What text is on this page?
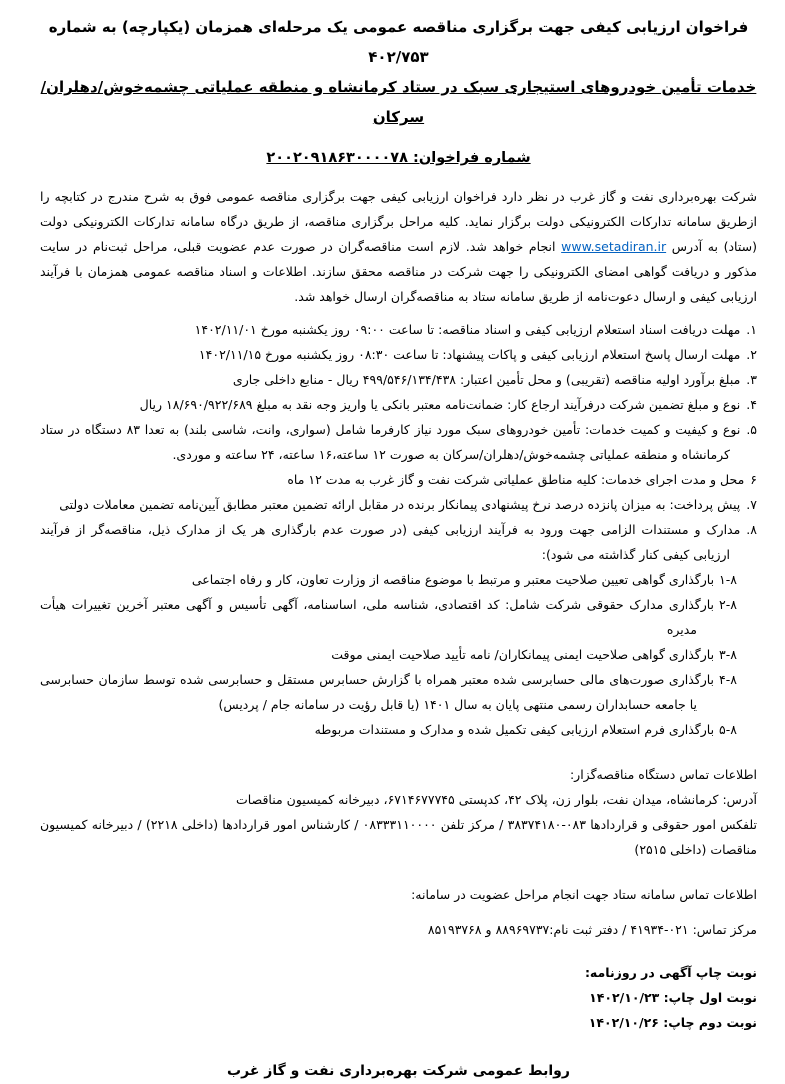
فراخوان ارزیابی کیفی جهت برگزاری مناقصه عمومی یک مرحله‌ای همزمان (یکپارچه) به شماره ۴۰۲/۷۵۳
خدمات تأمین خودروهای استیجاری سبک در ستاد کرمانشاه و منطقه عملیاتی چشمه‌خوش/دهلران/سرکان
شماره فراخوان: ۲۰۰۲۰۹۱۸۶۳۰۰۰۰۷۸
شرکت بهره‌برداری نفت و گاز غرب در نظر دارد فراخوان ارزیابی کیفی جهت برگزاری مناقصه عمومی فوق به شرح مندرج در کتابچه را ازطریق سامانه تدارکات الکترونیکی دولت برگزار نماید. کلیه مراحل برگزاری مناقصه، از طریق درگاه سامانه تدارکات الکترونیکی دولت (ستاد) به آدرس www.setadiran.ir انجام خواهد شد. لازم است مناقصه‌گران در صورت عدم عضویت قبلی، مراحل ثبت‌نام در سایت مذکور و دریافت گواهی امضای الکترونیکی را جهت شرکت در مناقصه محقق سازند. اطلاعات و اسناد مناقصه عمومی همزمان با فرآیند ارزیابی کیفی و ارسال دعوت‌نامه از طریق سامانه ستاد به مناقصه‌گران ارسال خواهد شد.
۱.مهلت دریافت اسناد استعلام ارزیابی کیفی و اسناد مناقصه: تا ساعت ۰۹:۰۰ روز یکشنبه مورخ ۱۴۰۲/۱۱/۰۱
۲.مهلت ارسال پاسخ استعلام ارزیابی کیفی و پاکات پیشنهاد: تا ساعت ۰۸:۳۰ روز یکشنبه مورخ ۱۴۰۲/۱۱/۱۵
۳.مبلغ برآورد اولیه مناقصه (تقریبی) و محل تأمین اعتبار: ۴۹۹/۵۴۶/۱۳۴/۴۳۸ ریال - منابع داخلی جاری
۴.نوع و مبلغ تضمین شرکت درفرآیند ارجاع کار: ضمانت‌نامه معتبر بانکی یا واریز وجه نقد به مبلغ ۱۸/۶۹۰/۹۲۲/۶۸۹ ریال
۵.نوع و کیفیت و کمیت خدمات: تأمین خودروهای سبک مورد نیاز کارفرما شامل (سواری، وانت، شاسی بلند) به تعدا ۸۳ دستگاه در ستاد کرمانشاه و منطقه عملیاتی چشمه‌خوش/دهلران/سرکان به صورت ۱۲ ساعته،۱۶ ساعته، ۲۴ ساعته و موردی.
۶محل و مدت اجرای خدمات: کلیه مناطق عملیاتی شرکت نفت و گاز غرب به مدت ۱۲ ماه
۷.پیش پرداخت: به میزان پانزده درصد نرخ پیشنهادی پیمانکار برنده در مقابل ارائه تضمین معتبر مطابق آیین‌نامه تضمین معاملات دولتی
۸.مدارک و مستندات الزامی جهت ورود به فرآیند ارزیابی کیفی (در صورت عدم بارگذاری هر یک از مدارک ذیل، مناقصه‌گر از فرآیند ارزیابی کیفی کنار گذاشته می شود):
۸-۱بارگذاری گواهی تعیین صلاحیت معتبر و مرتبط با موضوع مناقصه از وزارت تعاون، کار و رفاه اجتماعی
۸-۲بارگذاری مدارک حقوقی شرکت شامل: کد اقتصادی، شناسه ملی، اساسنامه، آگهی تأسیس و آگهی معتبر آخرین تغییرات هیأت مدیره
۸-۳بارگذاری گواهی صلاحیت ایمنی پیمانکاران/ نامه تأیید صلاحیت ایمنی موقت
۸-۴بارگذاری صورت‌های مالی حسابرسی شده معتبر همراه با گزارش حسابرس مستقل و حسابرسی شده توسط سازمان حسابرسی یا جامعه حسابداران رسمی منتهی پایان به سال ۱۴۰۱ (یا قابل رؤیت در سامانه جام / پردیس)
۸-۵بارگذاری فرم استعلام ارزیابی کیفی تکمیل شده و مدارک و مستندات مربوطه
اطلاعات تماس دستگاه مناقصه‌گزار:
آدرس: کرمانشاه، میدان نفت، بلوار زن، پلاک ۴۲، کدپستی ۶۷۱۴۶۷۷۷۴۵، دبیرخانه کمیسیون مناقصات
تلفکس امور حقوقی و قراردادها ۰۸۳-۳۸۳۷۴۱۸۰ / مرکز تلفن ۰۸۳۳۳۱۱۰۰۰۰ / کارشناس امور قراردادها (داخلی ۲۲۱۸) / دبیرخانه کمیسیون مناقصات (داخلی ۲۵۱۵)
اطلاعات تماس سامانه ستاد جهت انجام مراحل عضویت در سامانه:
مرکز تماس: ۰۲۱-۴۱۹۳۴ / دفتر ثبت نام:۸۸۹۶۹۷۳۷ و ۸۵۱۹۳۷۶۸
نوبت چاپ آگهی در روزنامه:
نوبت اول چاپ: ۱۴۰۲/۱۰/۲۳
نوبت دوم چاپ: ۱۴۰۲/۱۰/۲۶
روابط عمومی شرکت بهره‌برداری نفت و گاز غرب
